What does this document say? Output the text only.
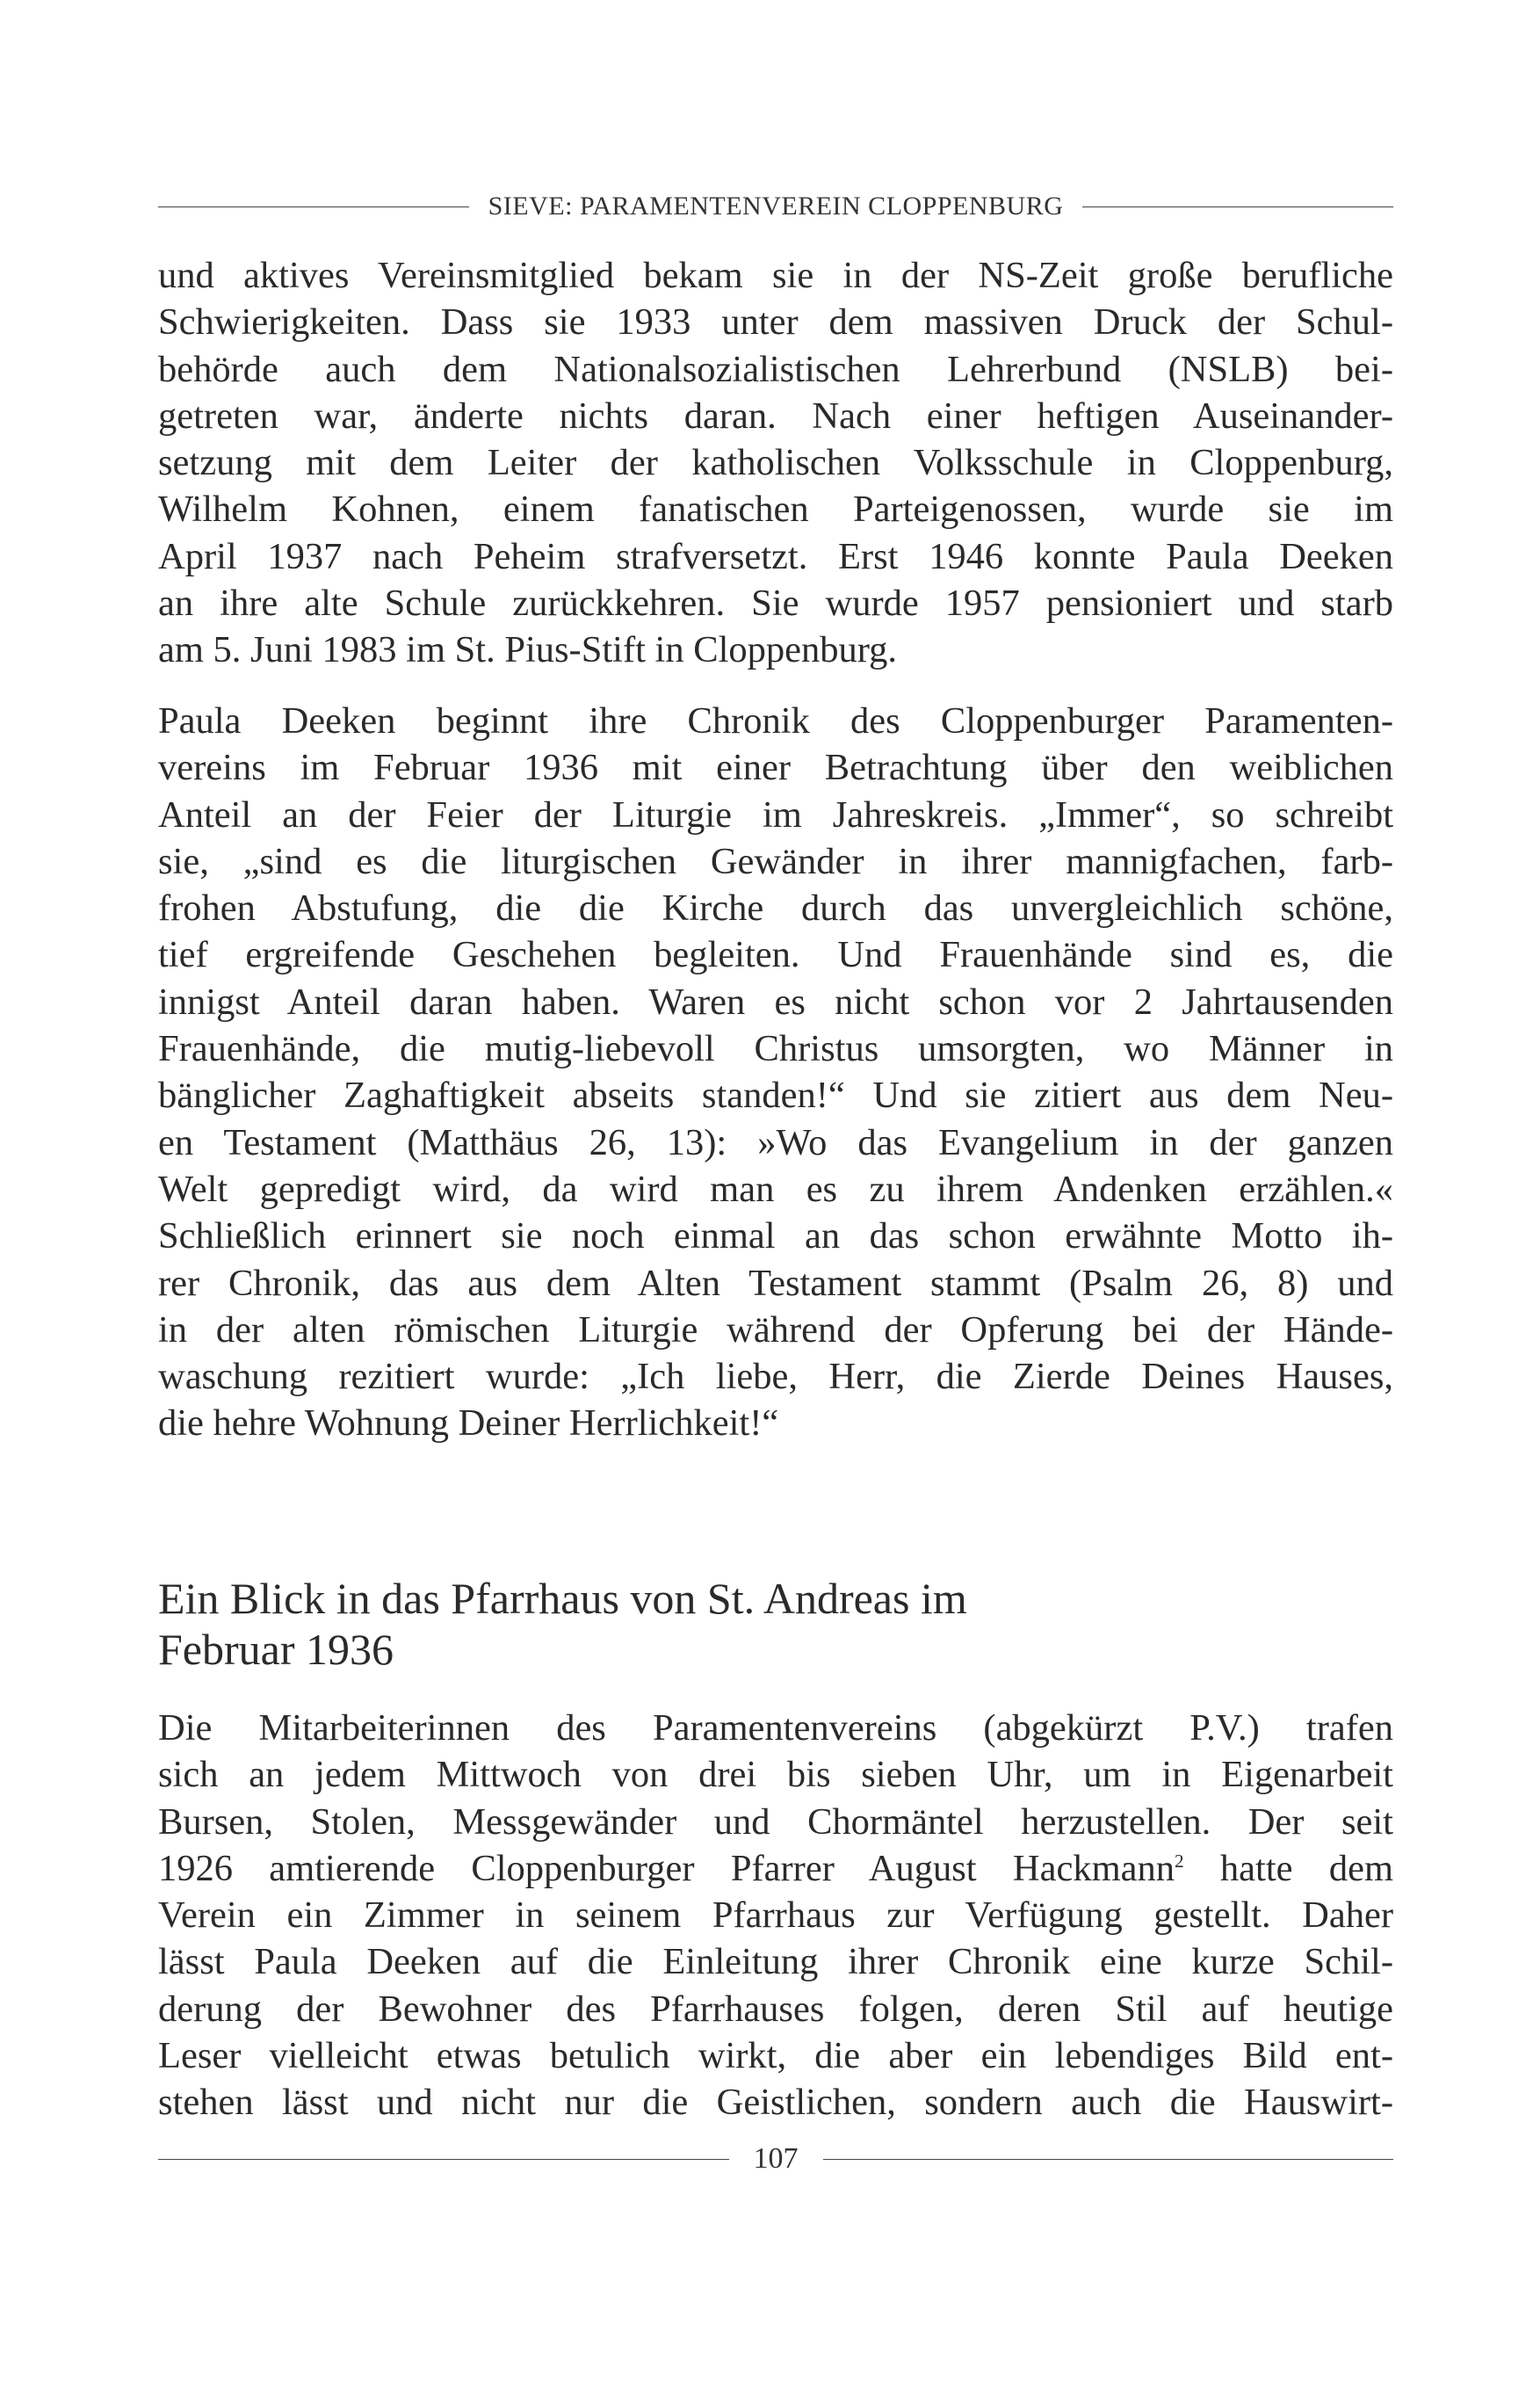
SIEVE: PARAMENTENVEREIN CLOPPENBURG
und aktives Vereinsmitglied bekam sie in der NS-Zeit große berufliche
Schwierigkeiten. Dass sie 1933 unter dem massiven Druck der Schul-
behörde auch dem Nationalsozialistischen Lehrerbund (NSLB) bei-
getreten war, änderte nichts daran. Nach einer heftigen Auseinander-
setzung mit dem Leiter der katholischen Volksschule in Cloppenburg,
Wilhelm Kohnen, einem fanatischen Parteigenossen, wurde sie im
April 1937 nach Peheim strafversetzt. Erst 1946 konnte Paula Deeken
an ihre alte Schule zurückkehren. Sie wurde 1957 pensioniert und starb
am 5. Juni 1983 im St. Pius-Stift in Cloppenburg.
Paula Deeken beginnt ihre Chronik des Cloppenburger Paramenten-
vereins im Februar 1936 mit einer Betrachtung über den weiblichen
Anteil an der Feier der Liturgie im Jahreskreis. „Immer“, so schreibt
sie, „sind es die liturgischen Gewänder in ihrer mannigfachen, farb-
frohen Abstufung, die die Kirche durch das unvergleichlich schöne,
tief ergreifende Geschehen begleiten. Und Frauenhände sind es, die
innigst Anteil daran haben. Waren es nicht schon vor 2 Jahrtausenden
Frauenhände, die mutig-liebevoll Christus umsorgten, wo Männer in
bänglicher Zaghaftigkeit abseits standen!“ Und sie zitiert aus dem Neu-
en Testament (Matthäus 26, 13): »Wo das Evangelium in der ganzen
Welt gepredigt wird, da wird man es zu ihrem Andenken erzählen.«
Schließlich erinnert sie noch einmal an das schon erwähnte Motto ih-
rer Chronik, das aus dem Alten Testament stammt (Psalm 26, 8) und
in der alten römischen Liturgie während der Opferung bei der Hände-
waschung rezitiert wurde: „Ich liebe, Herr, die Zierde Deines Hauses,
die hehre Wohnung Deiner Herrlichkeit!“
Ein Blick in das Pfarrhaus von St. Andreas im
Februar 1936
Die Mitarbeiterinnen des Paramentenvereins (abgekürzt P.V.) trafen
sich an jedem Mittwoch von drei bis sieben Uhr, um in Eigenarbeit
Bursen, Stolen, Messgewänder und Chormäntel herzustellen. Der seit
1926 amtierende Cloppenburger Pfarrer August Hackmann$^2$ hatte dem
Verein ein Zimmer in seinem Pfarrhaus zur Verfügung gestellt. Daher
lässt Paula Deeken auf die Einleitung ihrer Chronik eine kurze Schil-
derung der Bewohner des Pfarrhauses folgen, deren Stil auf heutige
Leser vielleicht etwas betulich wirkt, die aber ein lebendiges Bild ent-
stehen lässt und nicht nur die Geistlichen, sondern auch die Hauswirt-
107
